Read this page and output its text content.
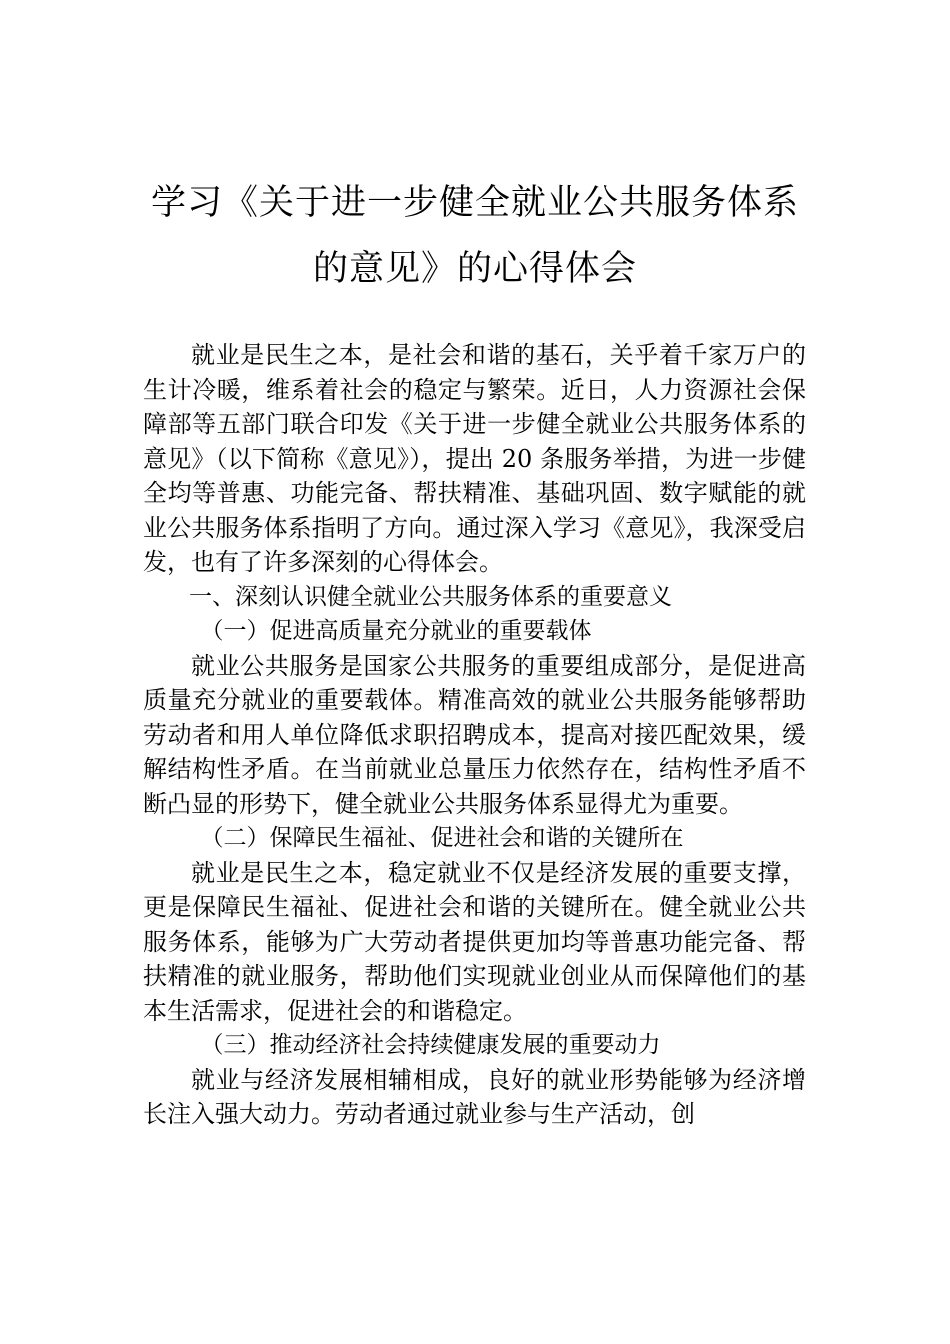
学习《关于进一步健全就业公共服务体系
的意见》的心得体会

就业是民生之本，是社会和谐的基石，关乎着千家万户的生计冷暖，维系着社会的稳定与繁荣。近日，人力资源社会保障部等五部门联合印发《关于进一步健全就业公共服务体系的意见》（以下简称《意见》），提出 20 条服务举措，为进一步健全均等普惠、功能完备、帮扶精准、基础巩固、数字赋能的就业公共服务体系指明了方向。通过深入学习《意见》，我深受启发，也有了许多深刻的心得体会。

一、深刻认识健全就业公共服务体系的重要意义
（一）促进高质量充分就业的重要载体

就业公共服务是国家公共服务的重要组成部分，是促进高质量充分就业的重要载体。精准高效的就业公共服务能够帮助劳动者和用人单位降低求职招聘成本，提高对接匹配效果，缓解结构性矛盾。在当前就业总量压力依然存在，结构性矛盾不断凸显的形势下，健全就业公共服务体系显得尤为重要。

（二）保障民生福祉、促进社会和谐的关键所在

就业是民生之本，稳定就业不仅是经济发展的重要支撑，更是保障民生福祉、促进社会和谐的关键所在。健全就业公共服务体系，能够为广大劳动者提供更加均等普惠功能完备、帮扶精准的就业服务，帮助他们实现就业创业从而保障他们的基本生活需求，促进社会的和谐稳定。

（三）推动经济社会持续健康发展的重要动力

就业与经济发展相辅相成，良好的就业形势能够为经济增长注入强大动力。劳动者通过就业参与生产活动，创
